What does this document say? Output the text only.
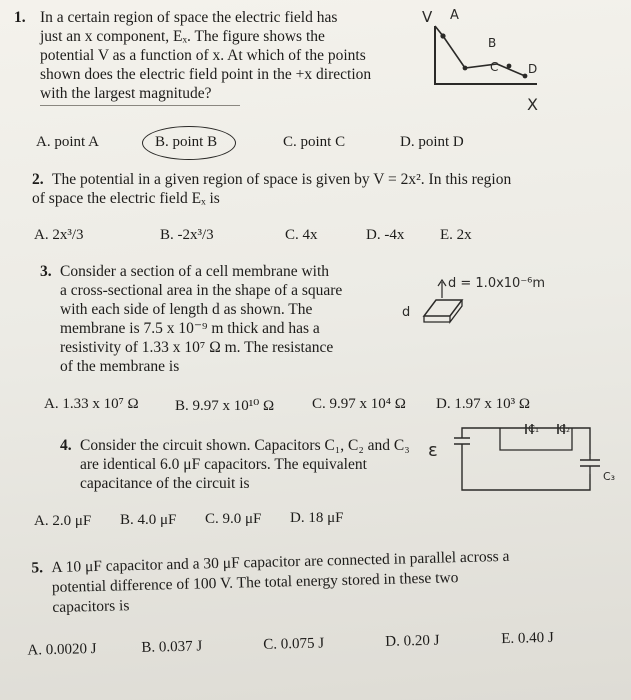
1. In a certain region of space the electric field has
just an x component, Eₓ. The figure shows the
potential V as a function of x. At which of the points
shown does the electric field point in the +x direction
with the largest magnitude?
V A
B
C D
X
A. point A	B. point B	C. point C	D. point D
2. The potential in a given region of space is given by V = 2x². In this region
of space the electric field Eₓ is
A. 2x³/3	B. -2x³/3	C. 4x	D. -4x E. 2x
3. Consider a section of a cell membrane with
a cross-sectional area in the shape of a square
with each side of length d as shown. The
membrane is 7.5 x 10⁻⁹ m thick and has a
resistivity of 1.33 x 10⁷ Ω m. The resistance
of the membrane is
d = 1.0x10⁻⁶m
d
A. 1.33 x 10⁷ Ω B. 9.97 x 10¹⁰ Ω	C. 9.97 x 10⁴ Ω D. 1.97 x 10³ Ω
4. Consider the circuit shown. Capacitors C₁, C₂ and C₃
are identical 6.0 μF capacitors. The equivalent
capacitance of the circuit is
ε
C₁ C₂
C₃
A. 2.0 μF B. 4.0 μF C. 9.0 μF D. 18 μF
5. A 10 μF capacitor and a 30 μF capacitor are connected in parallel across a
potential difference of 100 V. The total energy stored in these two
capacitors is
A. 0.0020 J	B. 0.037 J	C. 0.075 J	D. 0.20 J	E. 0.40 J
